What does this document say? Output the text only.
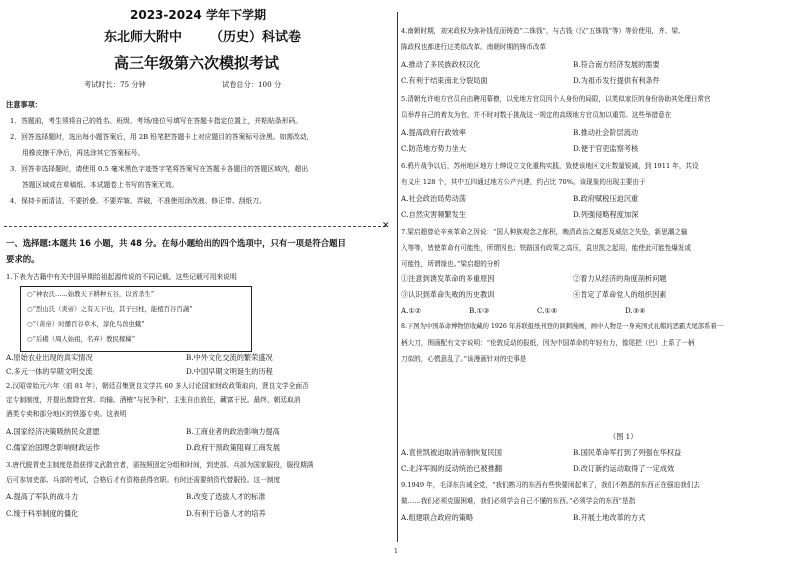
2023-2024 学年下学期
东北师大附中 （历史）科试卷
高三年级第六次模拟考试
考试时长：75 分钟	试卷总分：100 分
注意事项：
1．答题前，考生须将自己的姓名、班级、考场/座位号填写在答题卡指定位置上，并粘贴条形码。
2．回答选择题时，选出每小题答案后，用 2B 铅笔把答题卡上对应题目的答案标号涂黑。如需改动，
用橡皮擦干净后，再选涂其它答案标号。
3．回答非选择题时，请使用 0.5 毫米黑色字迹签字笔将答案写在答题卡各题目的答题区域内，超出
答题区域或在草稿纸、本试题卷上书写的答案无效。
4．保持卡面清洁，不要折叠、不要弄皱、弄破，不准使用涂改液、修正带、刮纸刀。
✕
一、选择题:本题共 16 小题，共 48 分。在每小题给出的四个选项中，只有一项是符合题目
要求的。
1.下表为古籍中有关中国早期给祖起源传说的不同记载。这些记载可用来说明
○“神农氏……始教天下耕种五谷，以省杀生”
○“烈山氏（炎帝）之有天下也，其子曰柱，能植百谷百蔬”
○“（黄帝）时播百谷草木，淳化鸟兽虫蛾”
○“后稷（周人始祖，名弃）教民稼穑”
A.原始农业出现的真实情况	B.中外文化交流的繁荣盛况
C.多元一体的早期文明交流	D.中国早期文明诞生的历程
2.汉昭帝始元六年（前 81 年），朝廷召集贤良文学共 60 多人讨论国家财政政策取向，贤良文学全面否
定专制制度，并提出废除官营、均输、酒榷“与民争利”，主张自由放任，藏富于民。最终，朝廷取消
酒类专卖和部分地区的铁器专卖。这表明
A.国家经济决策吸纳民众意愿	B.工商业者的政治影响力提高
C.儒家治国理念影响财政运作	D.政府干预政策阻碍工商发展
3.唐代脱胥吏主制度是指获得文武散官者，需按照固定分组和时间，到吏部、兵部为国家服役，服役期满
后可参加吏部、兵部的考试，合格后才有资格获得官职。有时还需要纳资代替服役。这一制度
A.提高了军队的战斗力	B.改变了选拔人才的标准
C.缘于科举制度的僵化	D.有利于后备人才的培养
4.南朝时期，刘宋政权为弥补钱荒而铸造“二铢钱”，与古钱（汉“五铢钱”等）等价使用，齐、梁、
陈政权也都进行过类似改革。南朝时期的铸币改革
A.推动了多民族政权汉化	B.符合南方经济发展的需要
C.有利于结束南北分裂局面	D.为祖币发行提供有利条件
5.清朝允许地方官员自由聘用幕僚，以免地方官员因个人身份的局限，以类似家臣的身份协助其处理日常官
员举荐自己的着友为官，并不时对数于挑战这一规定的高级地方官员加以重罚。这些举措意在
A.提高政府行政效率	B.推动社会阶层流动
C.防范地方势力坐大	D.便于官吏监察考核
6.鸦片战争以后，苏州地区地方士绅设立文化重构实践，致使该地区文庄数量锐减，到 1911 年，共设
有义庄 128 个，其中五四通过地方公产兴建，约占比 70%。该现象的出现主要由于
A.社会政治局势动荡	B.政府赋税压迫沉重
C.自然灾害频繁发生	D.列强侵略程度加深
7.梁启超曾论辛亥革命之因说：“国人种族观念之郁积，晚清政治之腐恶及威信之失坠，新思潮之输
入等等，皆使革命有可能性，所谓因也；铁路国有政策之高压，袁世凯之起用，能使此可能性爆发或
可能性，所谓缘也。”梁启超的分析
①注意到诱发革命的多重原因	②着力从经济的角度剖析问题
③认识到革命失败的历史教训	④肯定了革命党人的组织因素
A.①②	B.①③	C.①④	D.③④
8.下图为中国革命博物馆收藏的 1926 年苏联报纸刊登的讽刺漫画，画中人物是一身英国式礼帽的恶霸犬尾部系着一
柄大刀，围画配有文字说明：“伦敦反动的报纸，因为中国革命的年轻有力，像尾把（巴）上系了一柄
刀似的，心慌意乱了。”该漫画针对的史事是
（图 1）
A.袁世凯被迫取消帝制恢复民国	B.国民革命军打到了列强在华权益
C.北洋军阀的反动统治已被推翻	D.改订新约运动取得了一定成效
9.1949 年，毛泽东告诫全党，“我们熟习的东西有些快要闲起来了，我们不熟悉的东西正在强迫我们去
做……我们必须克服困难，我们必须学会自己不懂的东西。”必须学会的东西”是指
A.组建联合政府的策略	B.开展土地改革的方式
1
